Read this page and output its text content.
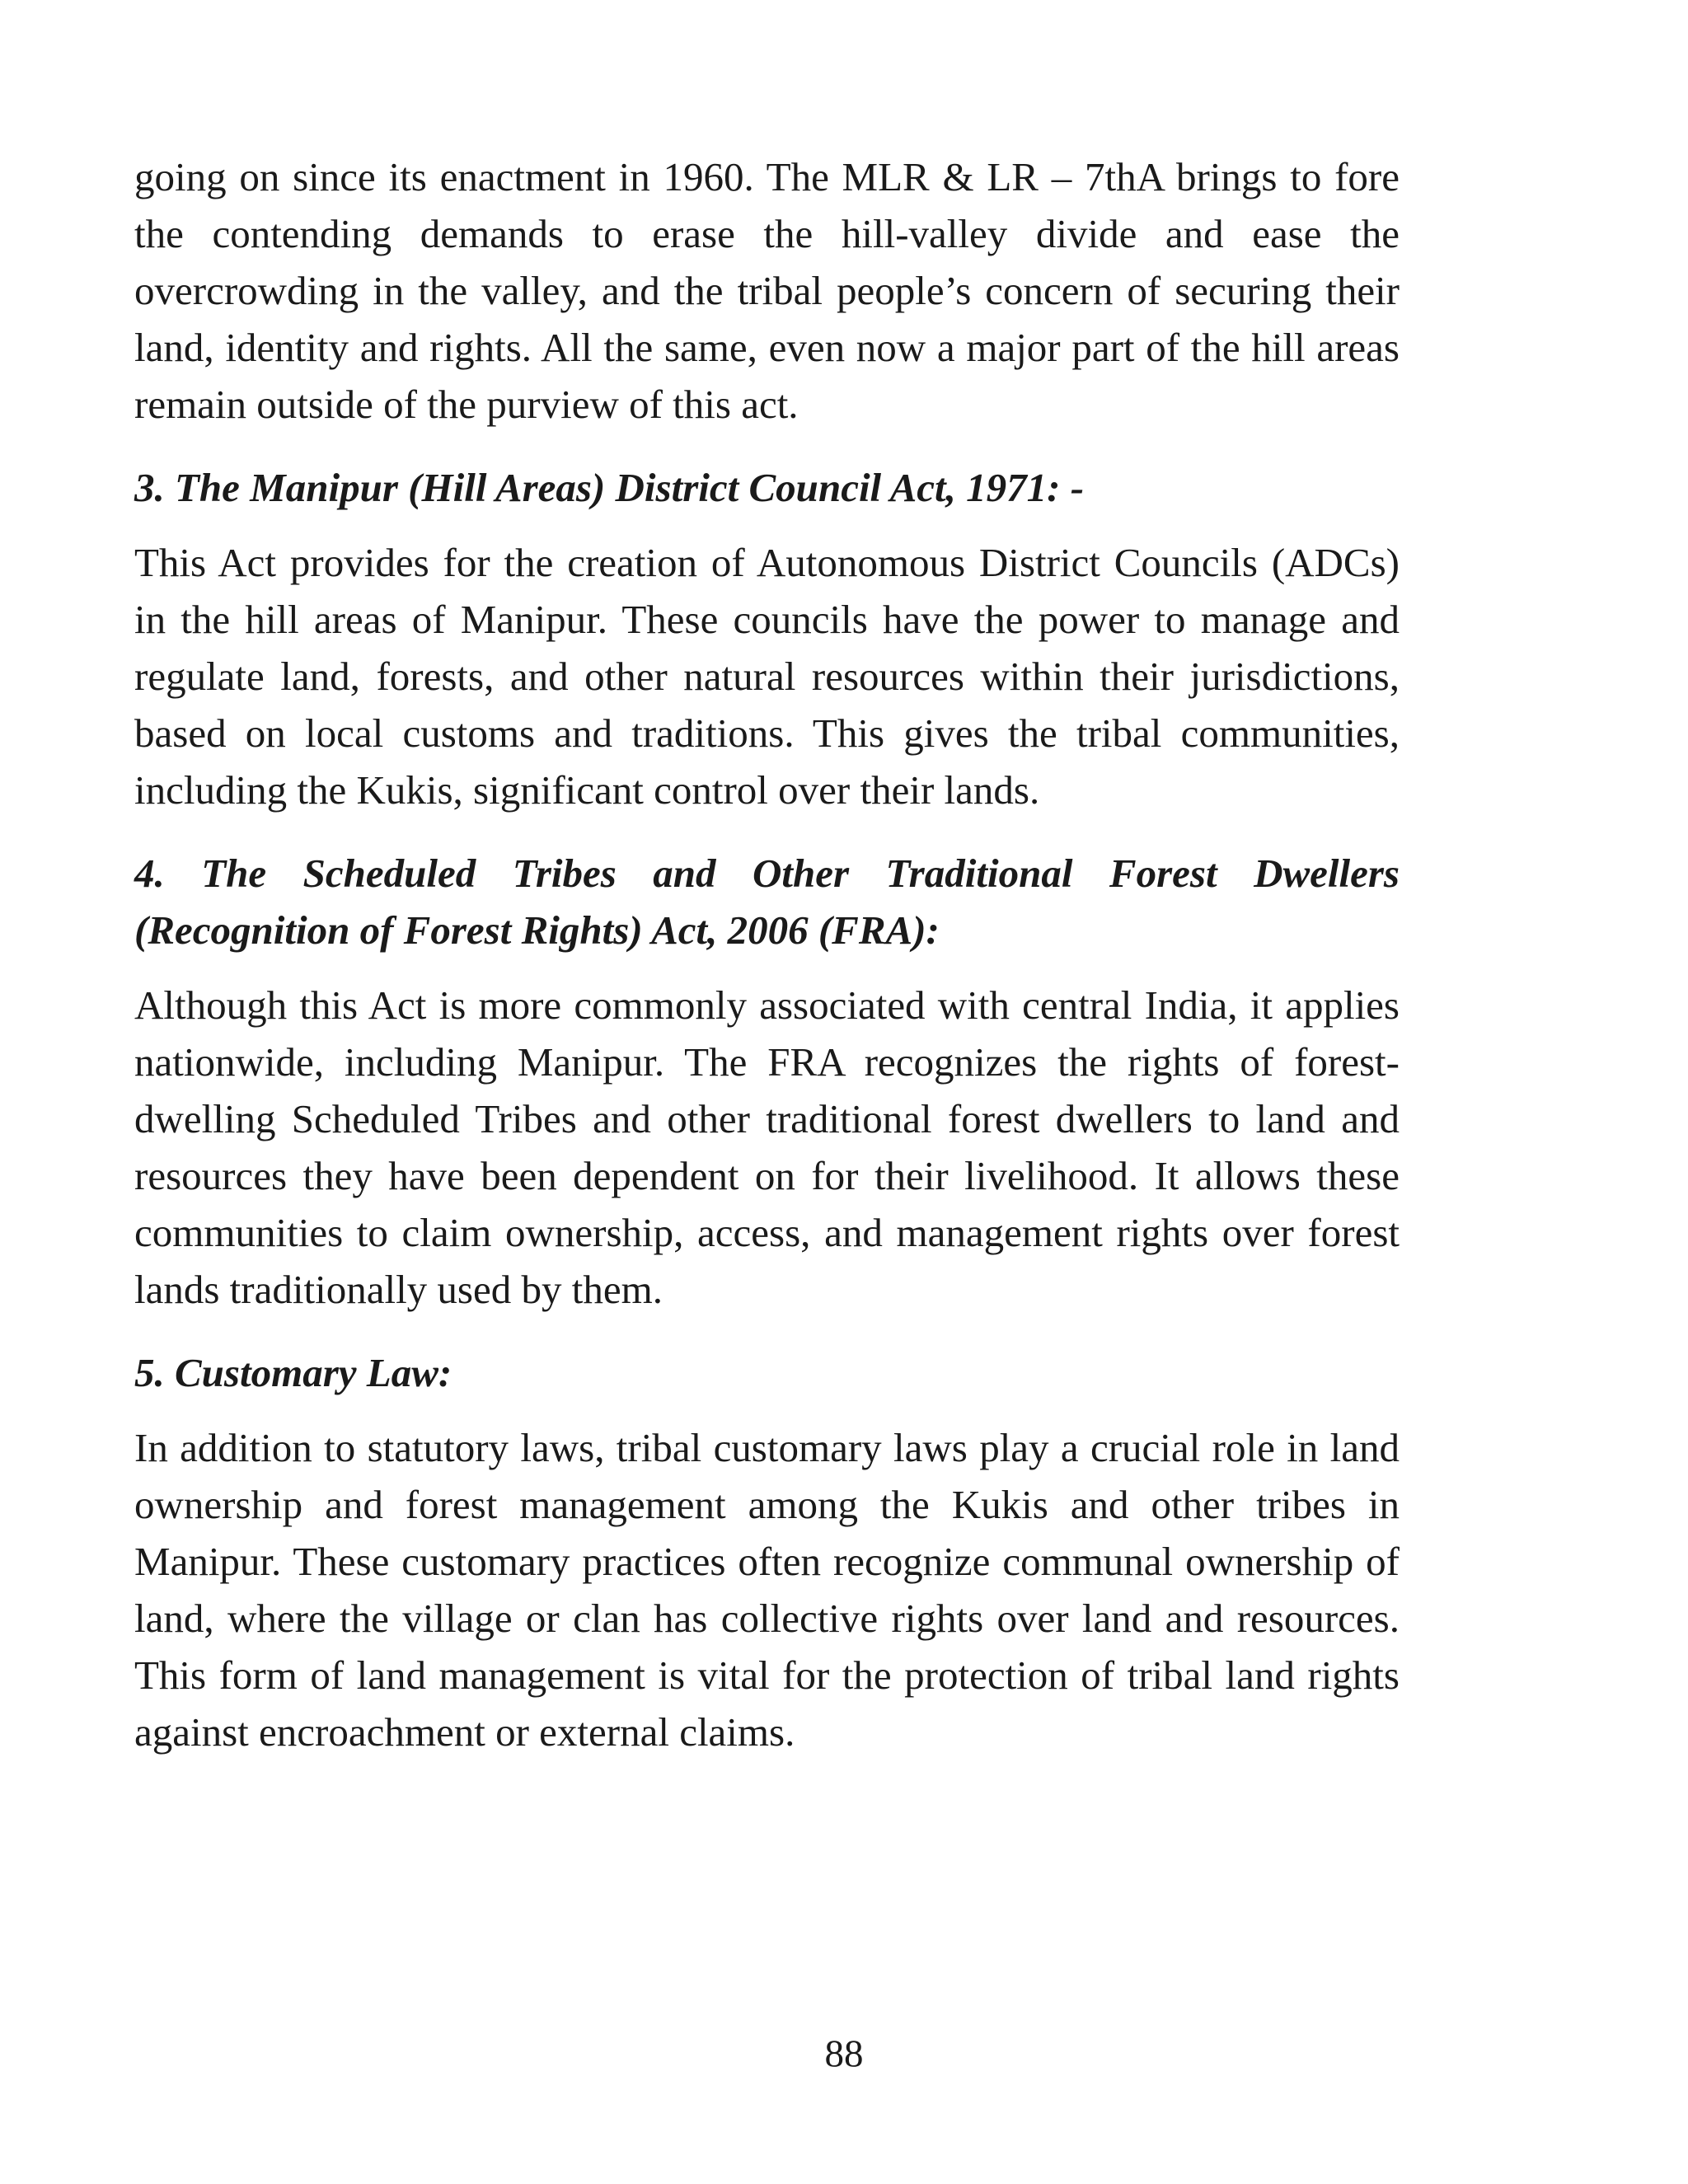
going on since its enactment in 1960. The MLR & LR – 7thA brings to fore the contending demands to erase the hill-valley divide and ease the overcrowding in the valley, and the tribal people’s concern of securing their land, identity and rights. All the same, even now a major part of the hill areas remain outside of the purview of this act.

3. The Manipur (Hill Areas) District Council Act, 1971: -

This Act provides for the creation of Autonomous District Councils (ADCs) in the hill areas of Manipur. These councils have the power to manage and regulate land, forests, and other natural resources within their jurisdictions, based on local customs and traditions. This gives the tribal communities, including the Kukis, significant control over their lands.

4. The Scheduled Tribes and Other Traditional Forest Dwellers (Recognition of Forest Rights) Act, 2006 (FRA):

Although this Act is more commonly associated with central India, it applies nationwide, including Manipur. The FRA recognizes the rights of forest-dwelling Scheduled Tribes and other traditional forest dwellers to land and resources they have been dependent on for their livelihood. It allows these communities to claim ownership, access, and management rights over forest lands traditionally used by them.

5. Customary Law:

In addition to statutory laws, tribal customary laws play a crucial role in land ownership and forest management among the Kukis and other tribes in Manipur. These customary practices often recognize communal ownership of land, where the village or clan has collective rights over land and resources. This form of land management is vital for the protection of tribal land rights against encroachment or external claims.

88
